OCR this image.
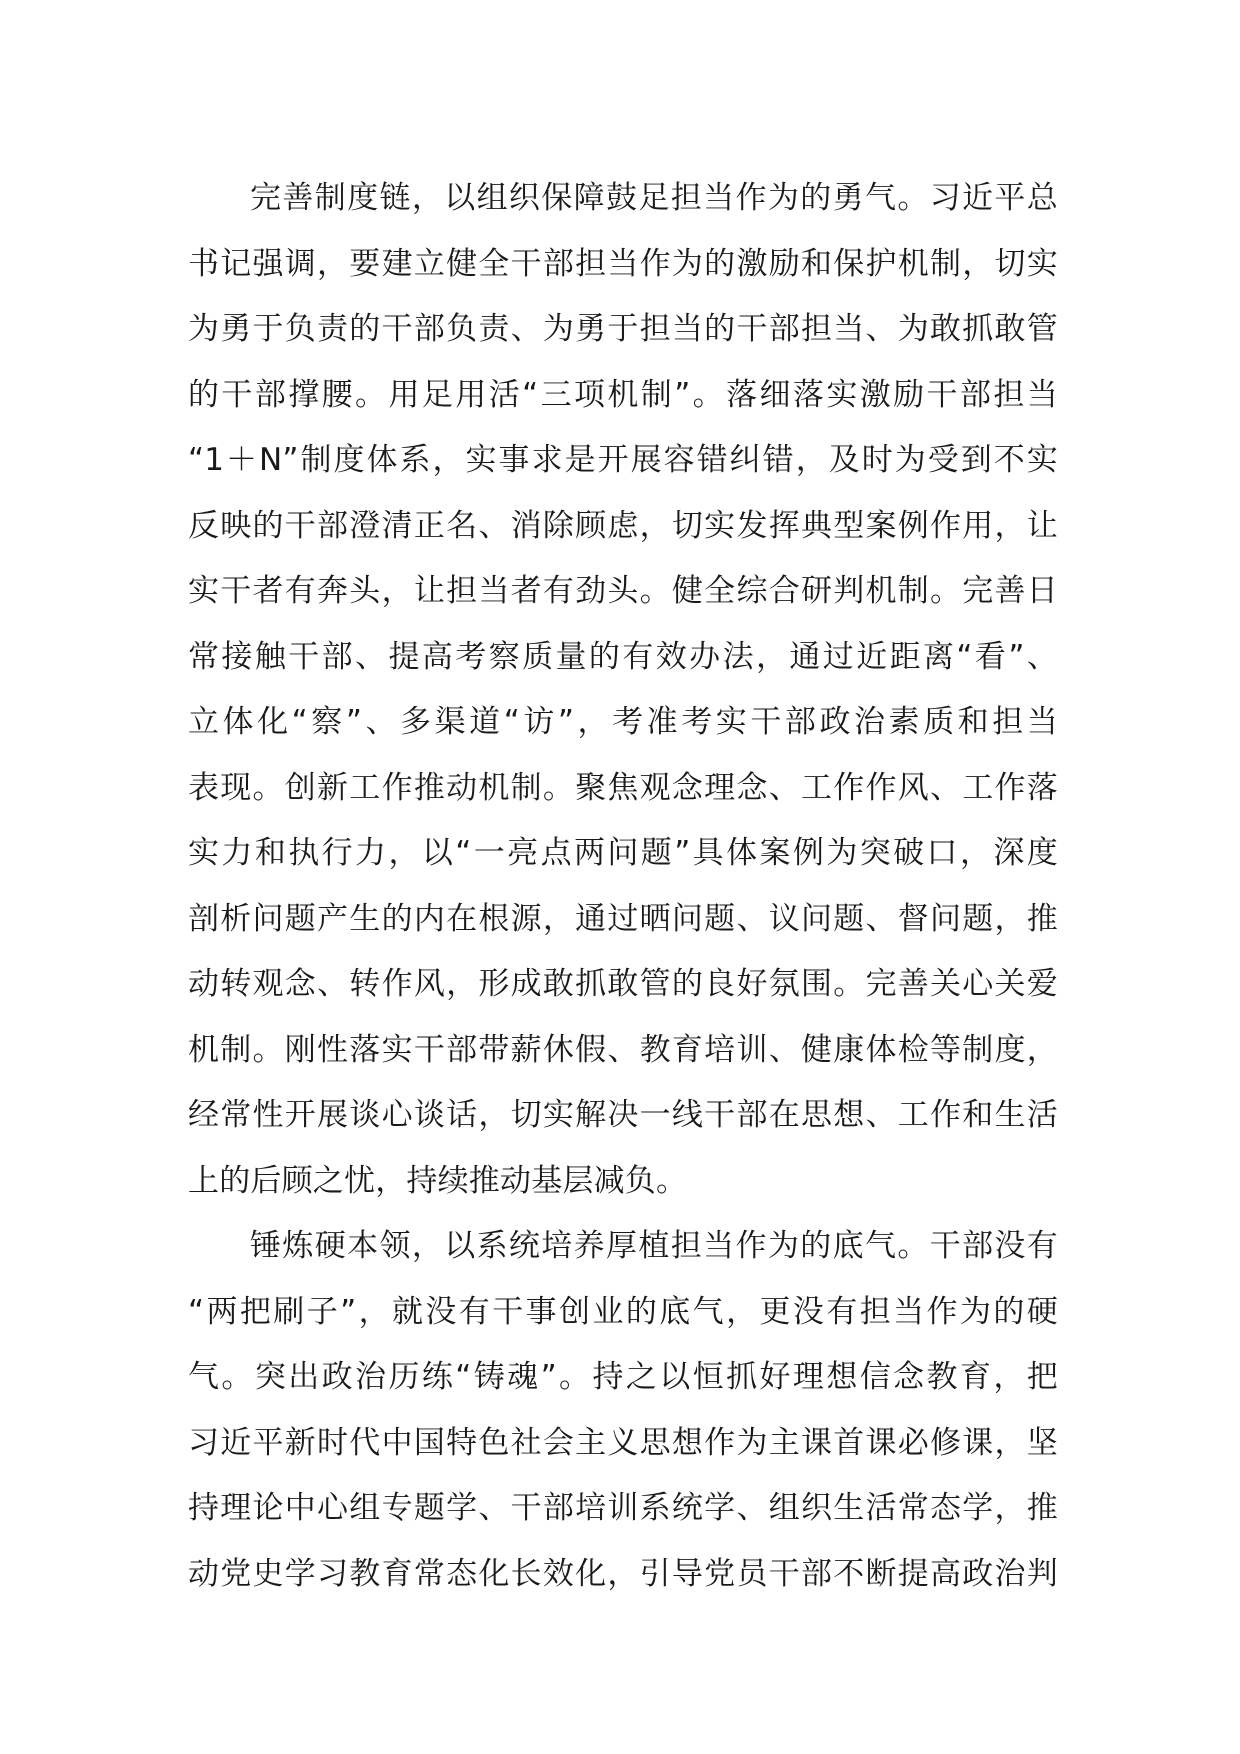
完善制度链，以组织保障鼓足担当作为的勇气。习近平总
书记强调，要建立健全干部担当作为的激励和保护机制，切实
为勇于负责的干部负责、为勇于担当的干部担当、为敢抓敢管
的干部撑腰。用足用活“三项机制”。落细落实激励干部担当
“1＋N”制度体系，实事求是开展容错纠错，及时为受到不实
反映的干部澄清正名、消除顾虑，切实发挥典型案例作用，让
实干者有奔头，让担当者有劲头。健全综合研判机制。完善日
常接触干部、提高考察质量的有效办法，通过近距离“看”、
立体化“察”、多渠道“访”，考准考实干部政治素质和担当
表现。创新工作推动机制。聚焦观念理念、工作作风、工作落
实力和执行力，以“一亮点两问题”具体案例为突破口，深度
剖析问题产生的内在根源，通过晒问题、议问题、督问题，推
动转观念、转作风，形成敢抓敢管的良好氛围。完善关心关爱
机制。刚性落实干部带薪休假、教育培训、健康体检等制度，
经常性开展谈心谈话，切实解决一线干部在思想、工作和生活
上的后顾之忧，持续推动基层减负。
锤炼硬本领，以系统培养厚植担当作为的底气。干部没有
“两把刷子”，就没有干事创业的底气，更没有担当作为的硬
气。突出政治历练“铸魂”。持之以恒抓好理想信念教育，把
习近平新时代中国特色社会主义思想作为主课首课必修课，坚
持理论中心组专题学、干部培训系统学、组织生活常态学，推
动党史学习教育常态化长效化，引导党员干部不断提高政治判
